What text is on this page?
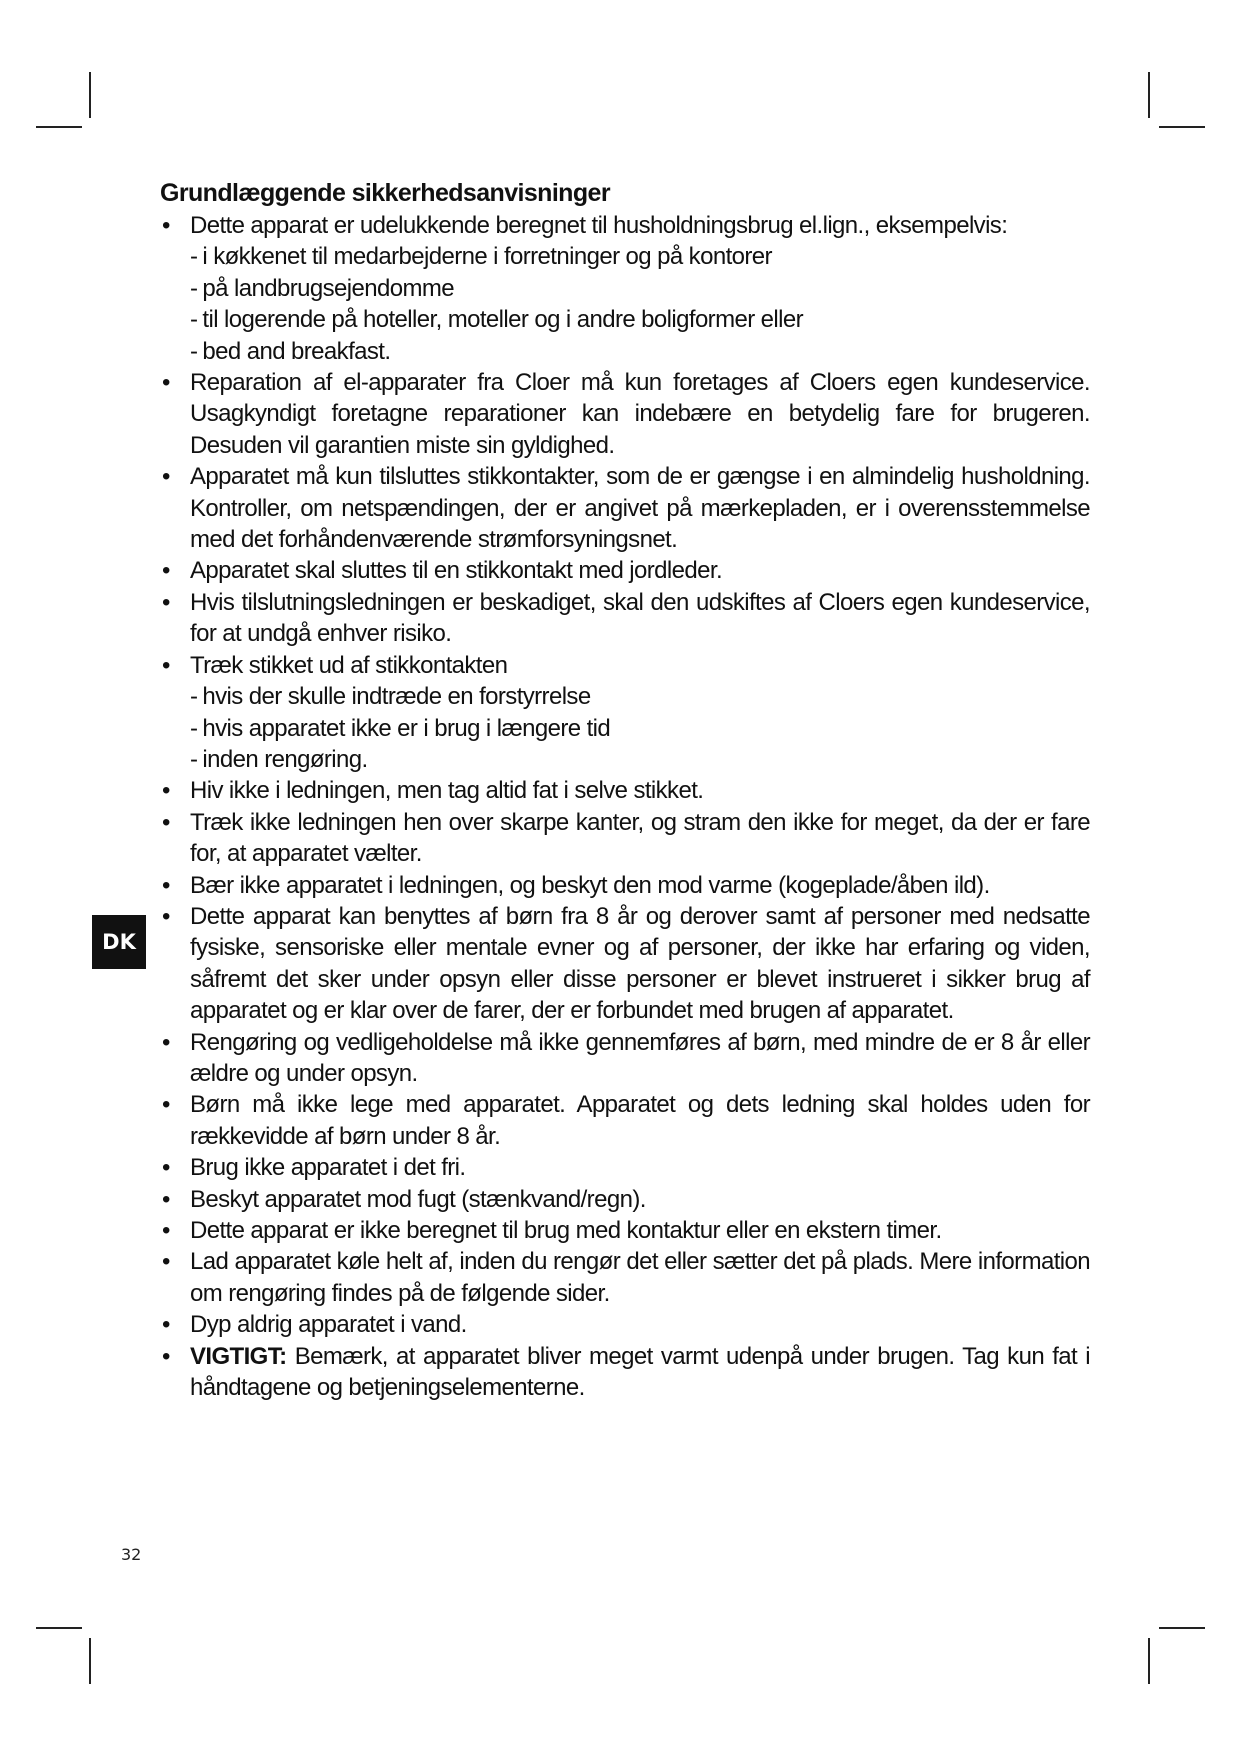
Grundlæggende sikkerhedsanvisninger
• Dette apparat er udelukkende beregnet til husholdningsbrug el.lign., eksempelvis:
- i køkkenet til medarbejderne i forretninger og på kontorer
- på landbrugsejendomme
- til logerende på hoteller, moteller og i andre boligformer eller
- bed and breakfast.
• Reparation af el-apparater fra Cloer må kun foretages af Cloers egen kundeservice. Usagkyndigt foretagne reparationer kan indebære en betydelig fare for brugeren. Desuden vil garantien miste sin gyldighed.
• Apparatet må kun tilsluttes stikkontakter, som de er gængse i en almindelig husholdning. Kontroller, om netspændingen, der er angivet på mærkepladen, er i overensstemmelse med det forhåndenværende strømforsyningsnet.
• Apparatet skal sluttes til en stikkontakt med jordleder.
• Hvis tilslutningsledningen er beskadiget, skal den udskiftes af Cloers egen kundeservice, for at undgå enhver risiko.
• Træk stikket ud af stikkontakten
- hvis der skulle indtræde en forstyrrelse
- hvis apparatet ikke er i brug i længere tid
- inden rengøring.
• Hiv ikke i ledningen, men tag altid fat i selve stikket.
• Træk ikke ledningen hen over skarpe kanter, og stram den ikke for meget, da der er fare for, at apparatet vælter.
• Bær ikke apparatet i ledningen, og beskyt den mod varme (kogeplade/åben ild).
• Dette apparat kan benyttes af børn fra 8 år og derover samt af personer med nedsatte fysiske, sensoriske eller mentale evner og af personer, der ikke har erfaring og viden, såfremt det sker under opsyn eller disse personer er blevet instrueret i sikker brug af apparatet og er klar over de farer, der er forbundet med brugen af apparatet.
• Rengøring og vedligeholdelse må ikke gennemføres af børn, med mindre de er 8 år eller ældre og under opsyn.
• Børn må ikke lege med apparatet. Apparatet og dets ledning skal holdes uden for rækkevidde af børn under 8 år.
• Brug ikke apparatet i det fri.
• Beskyt apparatet mod fugt (stænkvand/regn).
• Dette apparat er ikke beregnet til brug med kontaktur eller en ekstern timer.
• Lad apparatet køle helt af, inden du rengør det eller sætter det på plads. Mere information om rengøring findes på de følgende sider.
• Dyp aldrig apparatet i vand.
• VIGTIGT: Bemærk, at apparatet bliver meget varmt udenpå under brugen. Tag kun fat i håndtagene og betjeningselementerne.
DK
32
